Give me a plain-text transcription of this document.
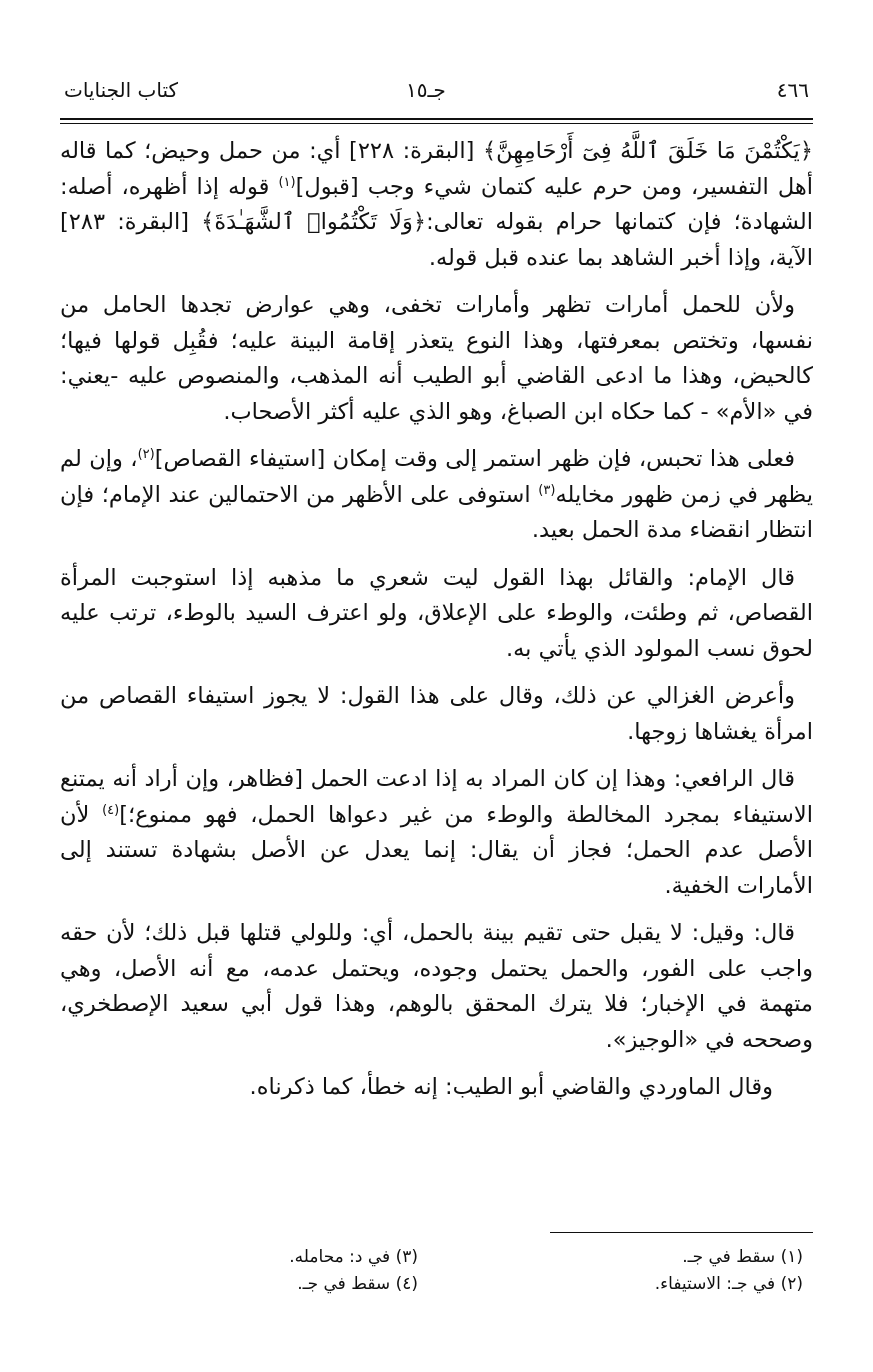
٤٦٦
جـ١٥
كتاب الجنايات

﴿يَكْتُمْنَ مَا خَلَقَ ٱللَّهُ فِىٓ أَرْحَامِهِنَّ﴾ [البقرة: ٢٢٨] أي: من حمل وحيض؛ كما قاله أهل التفسير، ومن حرم عليه كتمان شيء وجب [قبول]$^{(١)}$ قوله إذا أظهره، أصله: الشهادة؛ فإن كتمانها حرام بقوله تعالى:﴿وَلَا تَكْتُمُوا۟ ٱلشَّهَـٰدَةَ﴾ [البقرة: ٢٨٣] الآية، وإذا أخبر الشاهد بما عنده قبل قوله.

ولأن للحمل أمارات تظهر وأمارات تخفى، وهي عوارض تجدها الحامل من نفسها، وتختص بمعرفتها، وهذا النوع يتعذر إقامة البينة عليه؛ فقُبِل قولها فيها؛ كالحيض، وهذا ما ادعى القاضي أبو الطيب أنه المذهب، والمنصوص عليه -يعني: في «الأم» - كما حكاه ابن الصباغ، وهو الذي عليه أكثر الأصحاب.

فعلى هذا تحبس، فإن ظهر استمر إلى وقت إمكان [استيفاء القصاص]$^{(٢)}$، وإن لم يظهر في زمن ظهور مخايله$^{(٣)}$ استوفى على الأظهر من الاحتمالين عند الإمام؛ فإن انتظار انقضاء مدة الحمل بعيد.

قال الإمام: والقائل بهذا القول ليت شعري ما مذهبه إذا استوجبت المرأة القصاص، ثم وطئت، والوطء على الإعلاق، ولو اعترف السيد بالوطء، ترتب عليه لحوق نسب المولود الذي يأتي به.

وأعرض الغزالي عن ذلك، وقال على هذا القول: لا يجوز استيفاء القصاص من امرأة يغشاها زوجها.

قال الرافعي: وهذا إن كان المراد به إذا ادعت الحمل [فظاهر، وإن أراد أنه يمتنع الاستيفاء بمجرد المخالطة والوطء من غير دعواها الحمل، فهو ممنوع؛]$^{(٤)}$ لأن الأصل عدم الحمل؛ فجاز أن يقال: إنما يعدل عن الأصل بشهادة تستند إلى الأمارات الخفية.

قال: وقيل: لا يقبل حتى تقيم بينة بالحمل، أي: وللولي قتلها قبل ذلك؛ لأن حقه واجب على الفور، والحمل يحتمل وجوده، ويحتمل عدمه، مع أنه الأصل، وهي متهمة في الإخبار؛ فلا يترك المحقق بالوهم، وهذا قول أبي سعيد الإصطخري، وصححه في «الوجيز».

وقال الماوردي والقاضي أبو الطيب: إنه خطأ، كما ذكرناه.

(١) سقط في جـ.
(٢) في جـ: الاستيفاء.
(٣) في د: محامله.
(٤) سقط في جـ.
